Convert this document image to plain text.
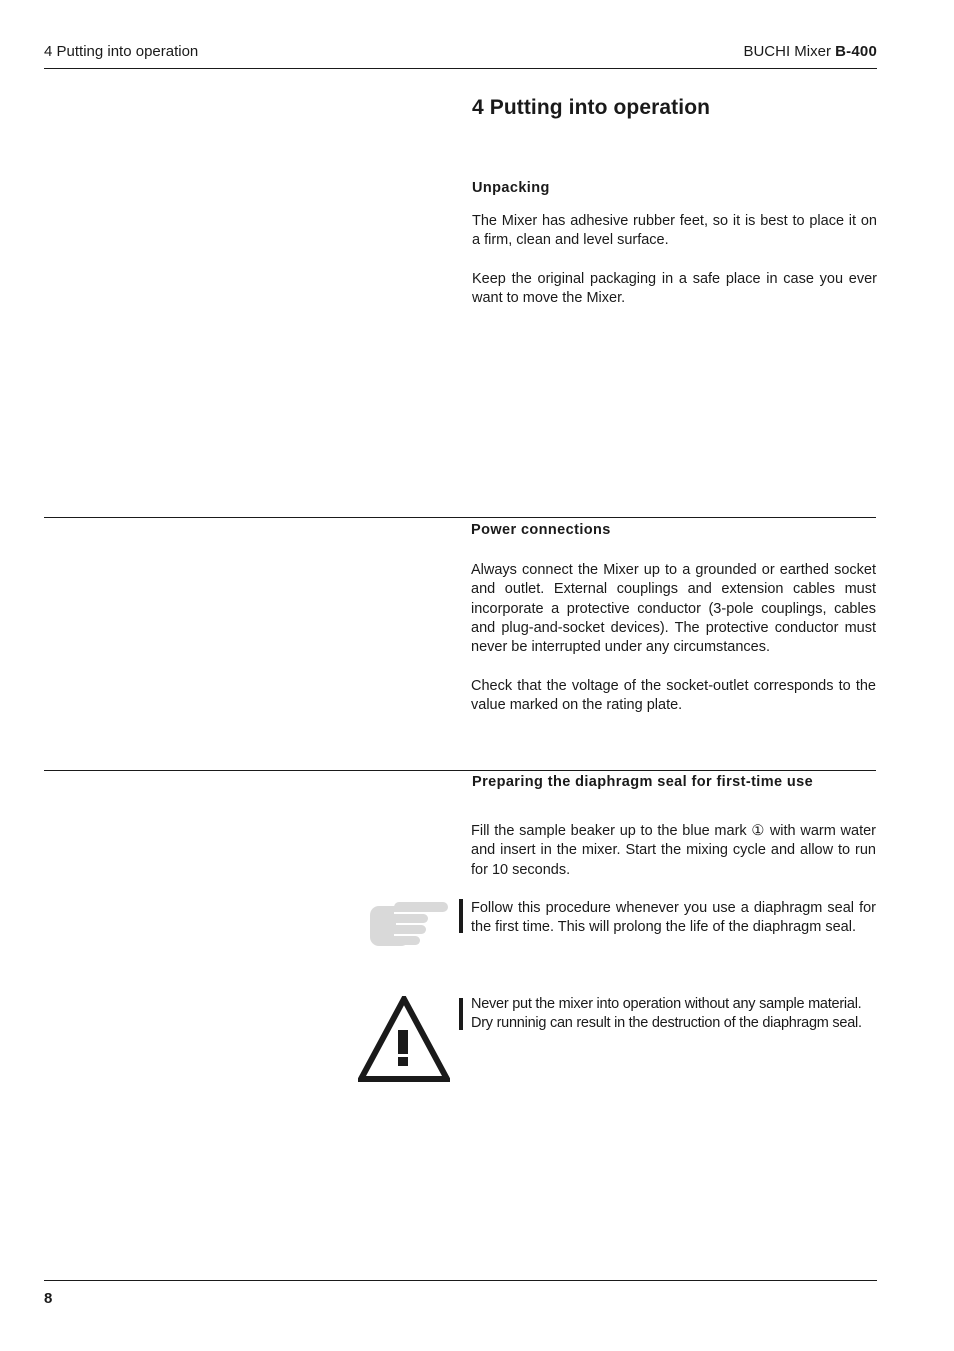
4 Putting into operation	BUCHI Mixer B-400
4 Putting into operation
Unpacking
The Mixer has adhesive rubber feet, so it is best to place it on a firm, clean and level surface.
Keep the original packaging in a safe place in case you ever want to move the Mixer.
Power connections
Always connect the Mixer up to a grounded or earthed socket and outlet. External couplings and extension cables must incorporate a protective conductor (3-pole couplings, cables and plug-and-socket devices). The protective conductor must never be interrupted under any circumstances.
Check that the voltage of the socket-outlet corresponds to the value marked on the rating plate.
Preparing the diaphragm seal for first-time use
Fill the sample beaker up to the blue mark ① with warm water and insert in the mixer. Start the mixing cycle and allow to run for 10 seconds.
Follow this procedure whenever you use a diaphragm seal for the first time. This will prolong the life of the diaphragm seal.
Never put the mixer into operation without any sample material. Dry runninig can result in the destruction of the diaphragm seal.
8
